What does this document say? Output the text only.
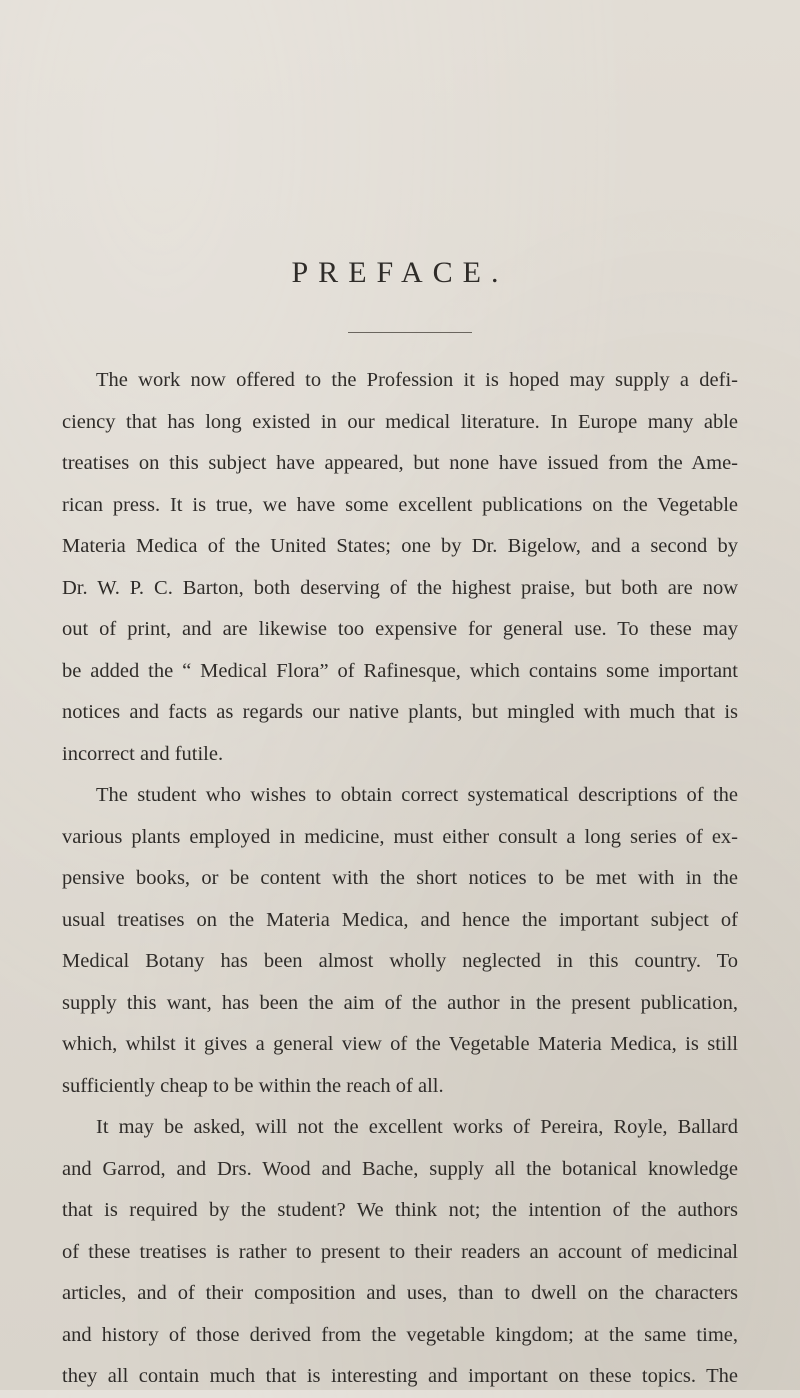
PREFACE.

The work now offered to the Profession it is hoped may supply a defi-
ciency that has long existed in our medical literature. In Europe many able
treatises on this subject have appeared, but none have issued from the Ame-
rican press. It is true, we have some excellent publications on the Vegetable
Materia Medica of the United States; one by Dr. Bigelow, and a second by
Dr. W. P. C. Barton, both deserving of the highest praise, but both are now
out of print, and are likewise too expensive for general use. To these may
be added the “ Medical Flora” of Rafinesque, which contains some important
notices and facts as regards our native plants, but mingled with much that is
incorrect and futile.

The student who wishes to obtain correct systematical descriptions of the
various plants employed in medicine, must either consult a long series of ex-
pensive books, or be content with the short notices to be met with in the
usual treatises on the Materia Medica, and hence the important subject of
Medical Botany has been almost wholly neglected in this country. To
supply this want, has been the aim of the author in the present publication,
which, whilst it gives a general view of the Vegetable Materia Medica, is still
sufficiently cheap to be within the reach of all.

It may be asked, will not the excellent works of Pereira, Royle, Ballard
and Garrod, and Drs. Wood and Bache, supply all the botanical knowledge
that is required by the student? We think not; the intention of the authors
of these treatises is rather to present to their readers an account of medicinal
articles, and of their composition and uses, than to dwell on the characters
and history of those derived from the vegetable kingdom; at the same time,
they all contain much that is interesting and important on these topics. The
